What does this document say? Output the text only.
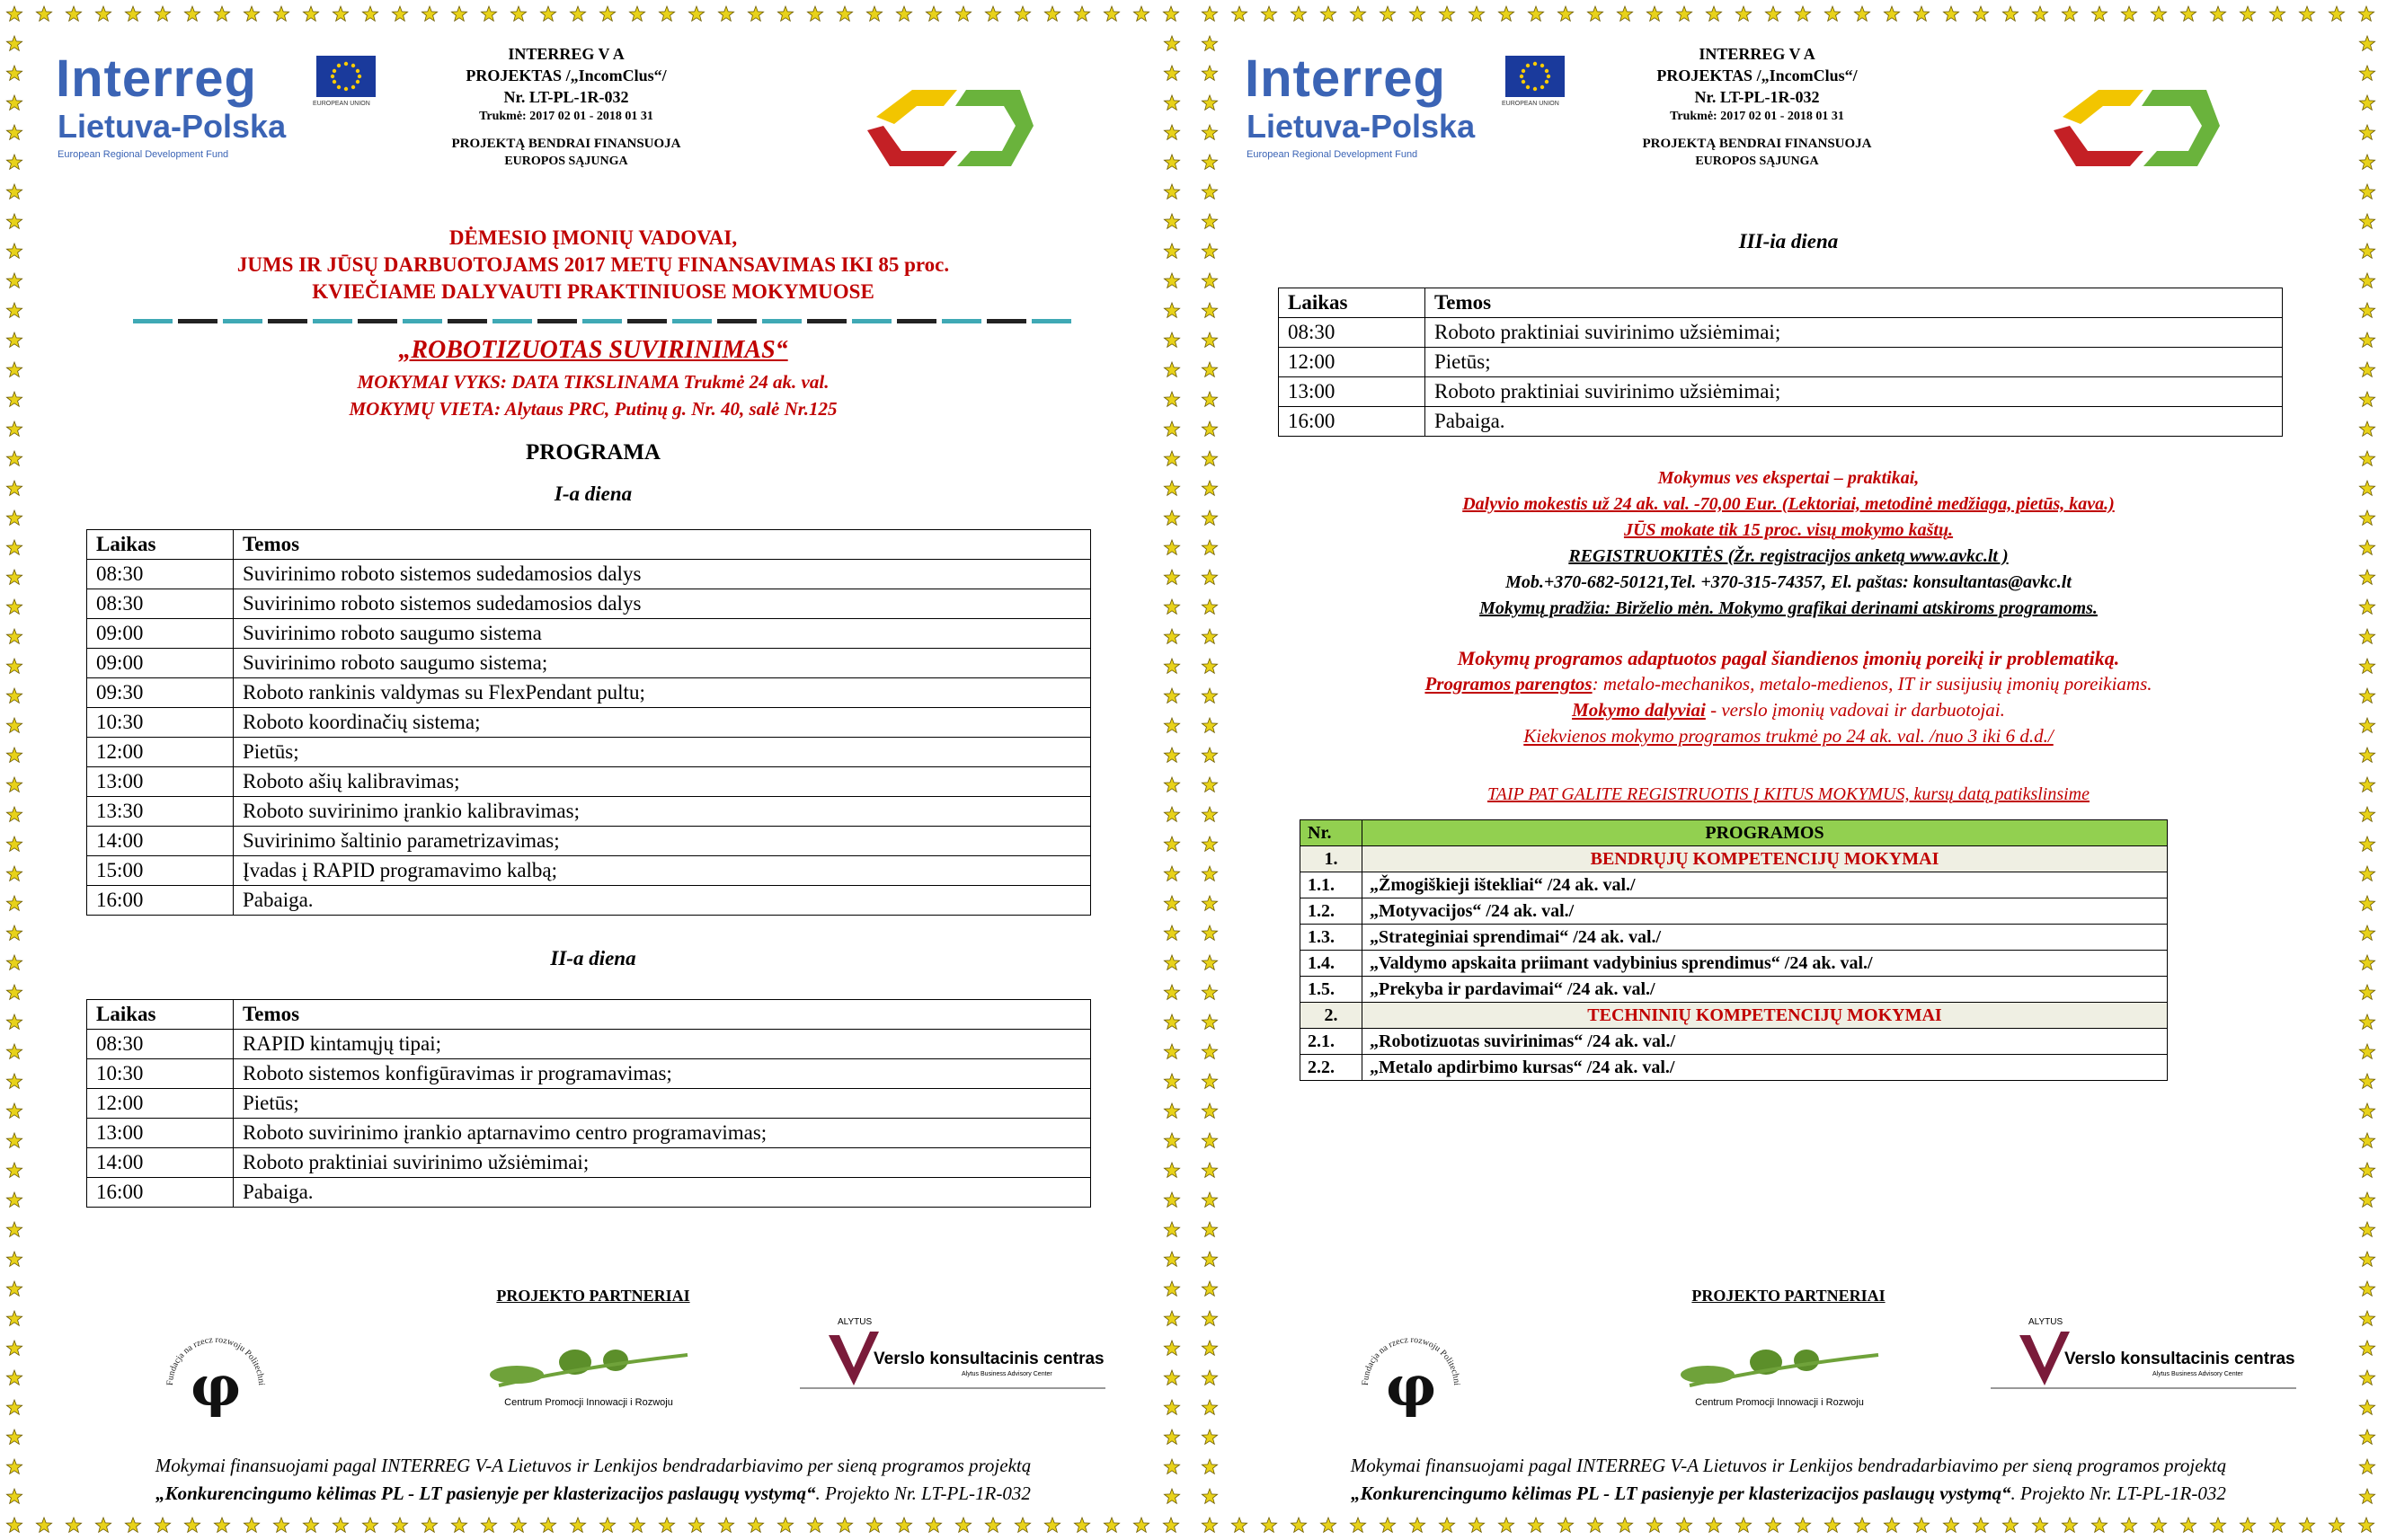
Interreg
Lietuva-Polska
European Regional Development Fund
EUROPEAN UNION
INTERREG V A
PROJEKTAS /„IncomClus“/
Nr. LT-PL-1R-032
Trukmė: 2017 02 01 - 2018 01 31
PROJEKTĄ BENDRAI FINANSUOJA
EUROPOS SĄJUNGA
DĖMESIO ĮMONIŲ VADOVAI,
JUMS IR JŪSŲ DARBUOTOJAMS 2017 METŲ FINANSAVIMAS IKI 85 proc.
KVIEČIAME DALYVAUTI PRAKTINIUOSE MOKYMUOSE
„ROBOTIZUOTAS SUVIRINIMAS“
MOKYMAI VYKS: DATA TIKSLINAMA Trukmė 24 ak. val.
MOKYMŲ VIETA: Alytaus PRC, Putinų g. Nr. 40, salė Nr.125
PROGRAMA
I-a diena
Laikas	Temos
08:30	Suvirinimo roboto sistemos sudedamosios dalys
08:30	Suvirinimo roboto sistemos sudedamosios dalys
09:00	Suvirinimo roboto saugumo sistema
09:00	Suvirinimo roboto saugumo sistema;
09:30	Roboto rankinis valdymas su FlexPendant pultu;
10:30	Roboto koordinačių sistema;
12:00	Pietūs;
13:00	Roboto ašių kalibravimas;
13:30	Roboto suvirinimo įrankio kalibravimas;
14:00	Suvirinimo šaltinio parametrizavimas;
15:00	Įvadas į RAPID programavimo kalbą;
16:00	Pabaiga.
II-a diena
Laikas	Temos
08:30	RAPID kintamųjų tipai;
10:30	Roboto sistemos konfigūravimas ir programavimas;
12:00	Pietūs;
13:00	Roboto suvirinimo įrankio aptarnavimo centro programavimas;
14:00	Roboto praktiniai suvirinimo užsiėmimai;
16:00	Pabaiga.
PROJEKTO PARTNERIAI
Fundacja na rzecz rozwoju Politechni
φ	Centrum Promocji Innowacji i Rozwoju
ALYTUS
Verslo konsultacinis centras
Alytus Business Advisory Center
Mokymai finansuojami pagal INTERREG V-A Lietuvos ir Lenkijos bendradarbiavimo per sieną programos projektą
„Konkurencingumo kėlimas PL - LT pasienyje per klasterizacijos paslaugų vystymą“. Projekto Nr. LT-PL-1R-032
Interreg
Lietuva-Polska
European Regional Development Fund
EUROPEAN UNION
INTERREG V A
PROJEKTAS /„IncomClus“/
Nr. LT-PL-1R-032
Trukmė: 2017 02 01 - 2018 01 31
PROJEKTĄ BENDRAI FINANSUOJA
EUROPOS SĄJUNGA
III-ia diena
Laikas	Temos
08:30	Roboto praktiniai suvirinimo užsiėmimai;
12:00	Pietūs;
13:00	Roboto praktiniai suvirinimo užsiėmimai;
16:00	Pabaiga.
Mokymus ves ekspertai – praktikai,
Dalyvio mokestis už 24 ak. val. -70,00 Eur. (Lektoriai, metodinė medžiaga, pietūs, kava.)
JŪS mokate tik 15 proc. visų mokymo kaštų.
REGISTRUOKITĖS (Žr. registracijos anketą www.avkc.lt )
Mob.+370-682-50121,Tel. +370-315-74357, El. paštas: konsultantas@avkc.lt
Mokymų pradžia: Birželio mėn. Mokymo grafikai derinami atskiroms programoms.
Mokymų programos adaptuotos pagal šiandienos įmonių poreikį ir problematiką.
Programos parengtos: metalo-mechanikos, metalo-medienos, IT ir susijusių įmonių poreikiams.
Mokymo dalyviai - verslo įmonių vadovai ir darbuotojai.
Kiekvienos mokymo programos trukmė po 24 ak. val. /nuo 3 iki 6 d.d./
TAIP PAT GALITE REGISTRUOTIS Į KITUS MOKYMUS, kursų datą patikslinsime
Nr.	PROGRAMOS
1.	BENDRŲJŲ KOMPETENCIJŲ MOKYMAI
1.1.	„Žmogiškieji ištekliai“ /24 ak. val./
1.2.	„Motyvacijos“ /24 ak. val./
1.3.	„Strateginiai sprendimai“ /24 ak. val./
1.4.	„Valdymo apskaita priimant vadybinius sprendimus“ /24 ak. val./
1.5.	„Prekyba ir pardavimai“ /24 ak. val./
2.	TECHNINIŲ KOMPETENCIJŲ MOKYMAI
2.1.	„Robotizuotas suvirinimas“ /24 ak. val./
2.2.	„Metalo apdirbimo kursas“ /24 ak. val./
PROJEKTO PARTNERIAI
Fundacja na rzecz rozwoju Politechni
φ	Centrum Promocji Innowacji i Rozwoju
ALYTUS
Verslo konsultacinis centras
Alytus Business Advisory Center
Mokymai finansuojami pagal INTERREG V-A Lietuvos ir Lenkijos bendradarbiavimo per sieną programos projektą
„Konkurencingumo kėlimas PL - LT pasienyje per klasterizacijos paslaugų vystymą“. Projekto Nr. LT-PL-1R-032
